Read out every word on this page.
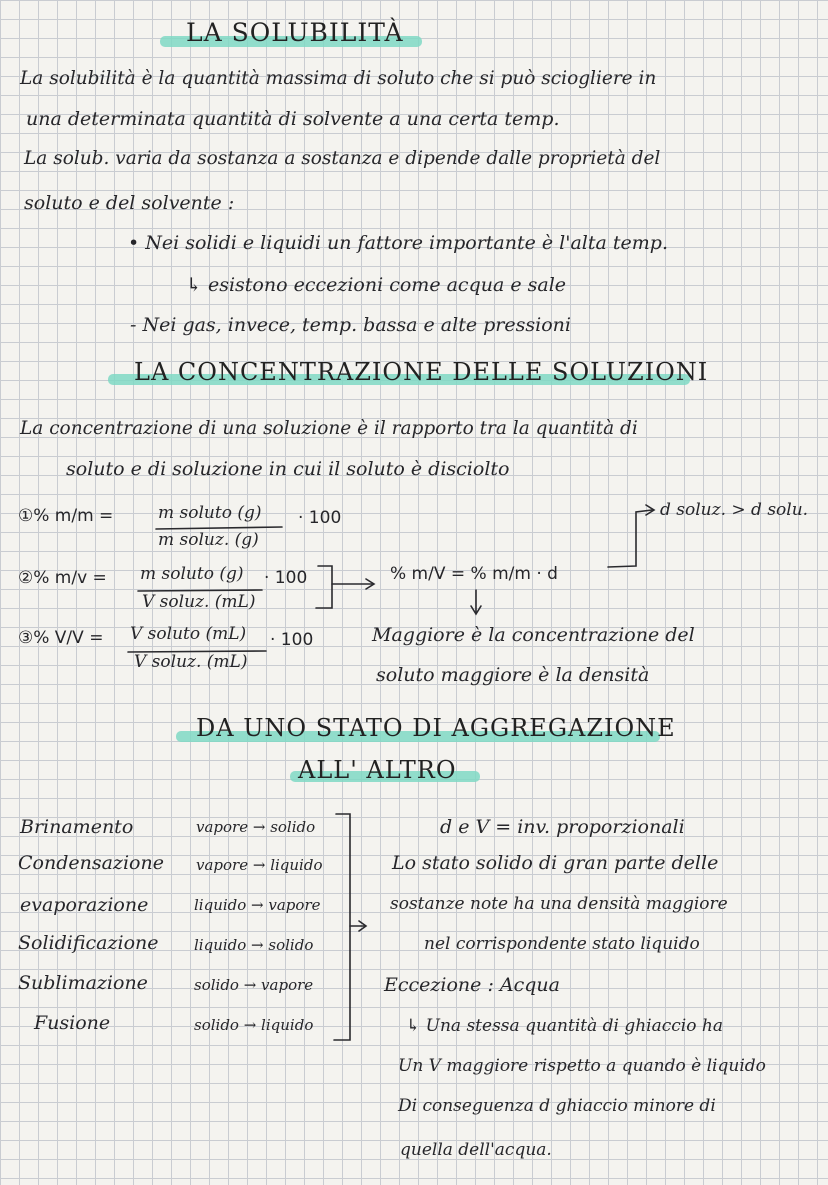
LA SOLUBILITÀ
La solubilità è la quantità massima di soluto che si può sciogliere in
una determinata quantità di solvente a una certa temp.
La solub. varia da sostanza a sostanza e dipende dalle proprietà del
soluto e del solvente :
• Nei solidi e liquidi un fattore importante è l'alta temp.
↳ esistono eccezioni come acqua e sale
- Nei gas, invece, temp. bassa e alte pressioni
LA CONCENTRAZIONE DELLE SOLUZIONI
La concentrazione di una soluzione è il rapporto tra la quantità di
soluto e di soluzione in cui il soluto è disciolto
①% m/m =	m soluto (g)
m soluz. (g)
· 100
②% m/v = m soluto (g)
V soluz. (mL)
· 100
③% V/V = V soluto (mL)
V soluz. (mL)
· 100
% m/V = % m/m · d
d soluz. > d solu.
Maggiore è la concentrazione del
soluto maggiore è la densità
DA UNO STATO DI AGGREGAZIONE
ALL' ALTRO
Brinamento
Condensazione
evaporazione
Solidificazione
Sublimazione
Fusione
vapore → solido
vapore → liquido
liquido → vapore
liquido → solido
solido → vapore
solido → liquido
d e V = inv. proporzionali
Lo stato solido di gran parte delle
sostanze note ha una densità maggiore
nel corrispondente stato liquido
Eccezione : Acqua
↳ Una stessa quantità di ghiaccio ha
Un V maggiore rispetto a quando è liquido
Di conseguenza d ghiaccio minore di
quella dell'acqua.
